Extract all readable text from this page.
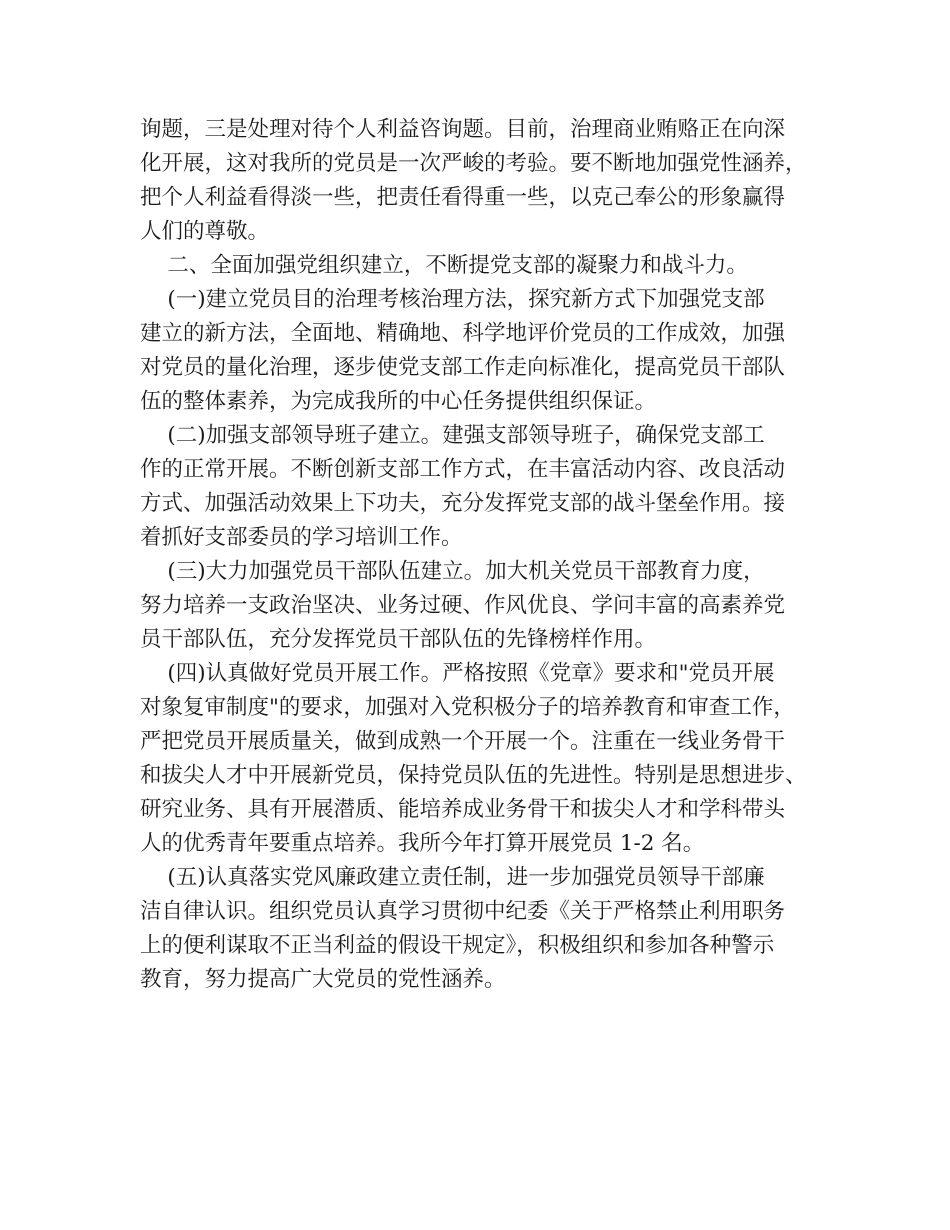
询题，三是处理对待个人利益咨询题。目前，治理商业贿赂正在向深
化开展，这对我所的党员是一次严峻的考验。要不断地加强党性涵养，
把个人利益看得淡一些，把责任看得重一些，以克己奉公的形象赢得
人们的尊敬。
二、全面加强党组织建立，不断提党支部的凝聚力和战斗力。
(一)建立党员目的治理考核治理方法，探究新方式下加强党支部
建立的新方法，全面地、精确地、科学地评价党员的工作成效，加强
对党员的量化治理，逐步使党支部工作走向标准化，提高党员干部队
伍的整体素养，为完成我所的中心任务提供组织保证。
(二)加强支部领导班子建立。建强支部领导班子，确保党支部工
作的正常开展。不断创新支部工作方式，在丰富活动内容、改良活动
方式、加强活动效果上下功夫，充分发挥党支部的战斗堡垒作用。接
着抓好支部委员的学习培训工作。
(三)大力加强党员干部队伍建立。加大机关党员干部教育力度，
努力培养一支政治坚决、业务过硬、作风优良、学问丰富的高素养党
员干部队伍，充分发挥党员干部队伍的先锋榜样作用。
(四)认真做好党员开展工作。严格按照《党章》要求和"党员开展
对象复审制度"的要求，加强对入党积极分子的培养教育和审查工作，
严把党员开展质量关，做到成熟一个开展一个。注重在一线业务骨干
和拔尖人才中开展新党员，保持党员队伍的先进性。特别是思想进步、
研究业务、具有开展潜质、能培养成业务骨干和拔尖人才和学科带头
人的优秀青年要重点培养。我所今年打算开展党员 1-2 名。
(五)认真落实党风廉政建立责任制，进一步加强党员领导干部廉
洁自律认识。组织党员认真学习贯彻中纪委《关于严格禁止利用职务
上的便利谋取不正当利益的假设干规定》，积极组织和参加各种警示
教育，努力提高广大党员的党性涵养。
